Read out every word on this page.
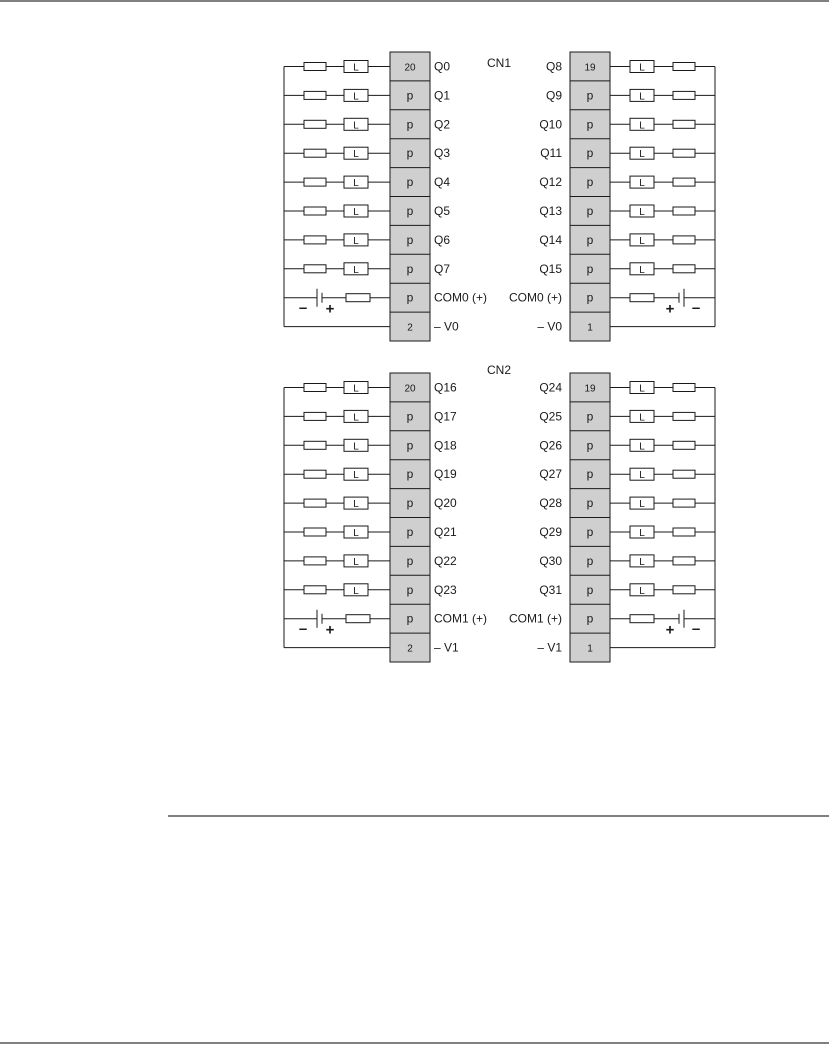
CN1
20	19
Q0	Q8
L	L
p	p
Q1	Q9
L	L
p	p
Q2	Q10
L	L
p	p
Q3	Q11
L	L
p	p
Q4	Q12
L	L
p	p
Q5	Q13
L	L
p	p
Q6	Q14
L	L
p	p
Q7	Q15
L	L
p	p
COM0 (+) COM0 (+)
– +	+ –
2	1
– V0	– V0
CN2
20	19
Q16	Q24
L	L
p	p
Q17	Q25
L	L
p	p
Q18	Q26
L	L
p	p
Q19	Q27
L	L
p	p
Q20	Q28
L	L
p	p
Q21	Q29
L	L
p	p
Q22	Q30
L	L
p	p
Q23	Q31
L	L
p	p
COM1 (+) COM1 (+)
– +	+ –
2	1
– V1	– V1
